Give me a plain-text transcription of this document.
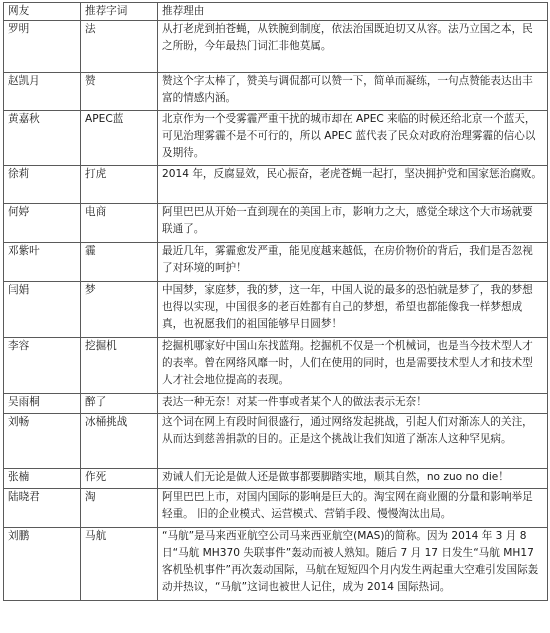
网友	推荐字词	推荐理由
罗明	法	从打老虎到拍苍蝇，从铁腕到制度，依法治国既迫切又从容。法乃立国之本，民之所盼，今年最热门词汇非他莫属。
赵凯月	赞	赞这个字太棒了，赞美与调侃都可以赞一下，简单而凝练，一句点赞能表达出丰富的情感内涵。
黄嘉秋	APEC蓝	北京作为一个受雾霾严重干扰的城市却在 APEC 来临的时候还给北京一个蓝天，可见治理雾霾不是不可行的，所以 APEC 蓝代表了民众对政府治理雾霾的信心以及期待。
徐莉	打虎	2014 年，反腐显效，民心振奋，老虎苍蝇一起打，坚决拥护党和国家惩治腐败。
何婷	电商	阿里巴巴从开始一直到现在的美国上市，影响力之大，感觉全球这个大市场就要联通了。
邓紫叶	霾	最近几年，雾霾愈发严重，能见度越来越低，在房价物价的背后，我们是否忽视了对环境的呵护！
闫娟	梦	中国梦，家庭梦，我的梦，这一年，中国人说的最多的恐怕就是梦了，我的梦想也得以实现，中国很多的老百姓都有自己的梦想，希望也都能像我一样梦想成真，也祝愿我们的祖国能够早日圆梦！
李容	挖掘机	挖掘机哪家好中国山东找蓝翔。挖掘机不仅是一个机械词，也是当今技术型人才的表率。曾在网络风靡一时，人们在使用的同时，也是需要技术型人才和技术型人才社会地位提高的表现。
吴雨桐	醉了	表达一种无奈！对某一件事或者某个人的做法表示无奈！
刘畅	冰桶挑战	这个词在网上有段时间很盛行，通过网络发起挑战，引起人们对渐冻人的关注，从而达到慈善捐款的目的。正是这个挑战让我们知道了渐冻人这种罕见病。
张楠	作死	劝诫人们无论是做人还是做事都要脚踏实地，顺其自然，no zuo no die！
陆晓君	淘	阿里巴巴上市，对国内国际的影响是巨大的。淘宝网在商业圈的分量和影响举足轻重。 旧的企业模式、运营模式、营销手段、慢慢淘汰出局。
刘鹏	马航	“马航”是马来西亚航空公司马来西亚航空(MAS)的简称。因为 2014 年 3 月 8 日“马航 MH370 失联事件”轰动而被人熟知。随后 7 月 17 日发生“马航 MH17 客机坠机事件”再次轰动国际，马航在短短四个月内发生两起重大空难引发国际轰动并热议，“马航”这词也被世人记住，成为 2014 国际热词。
